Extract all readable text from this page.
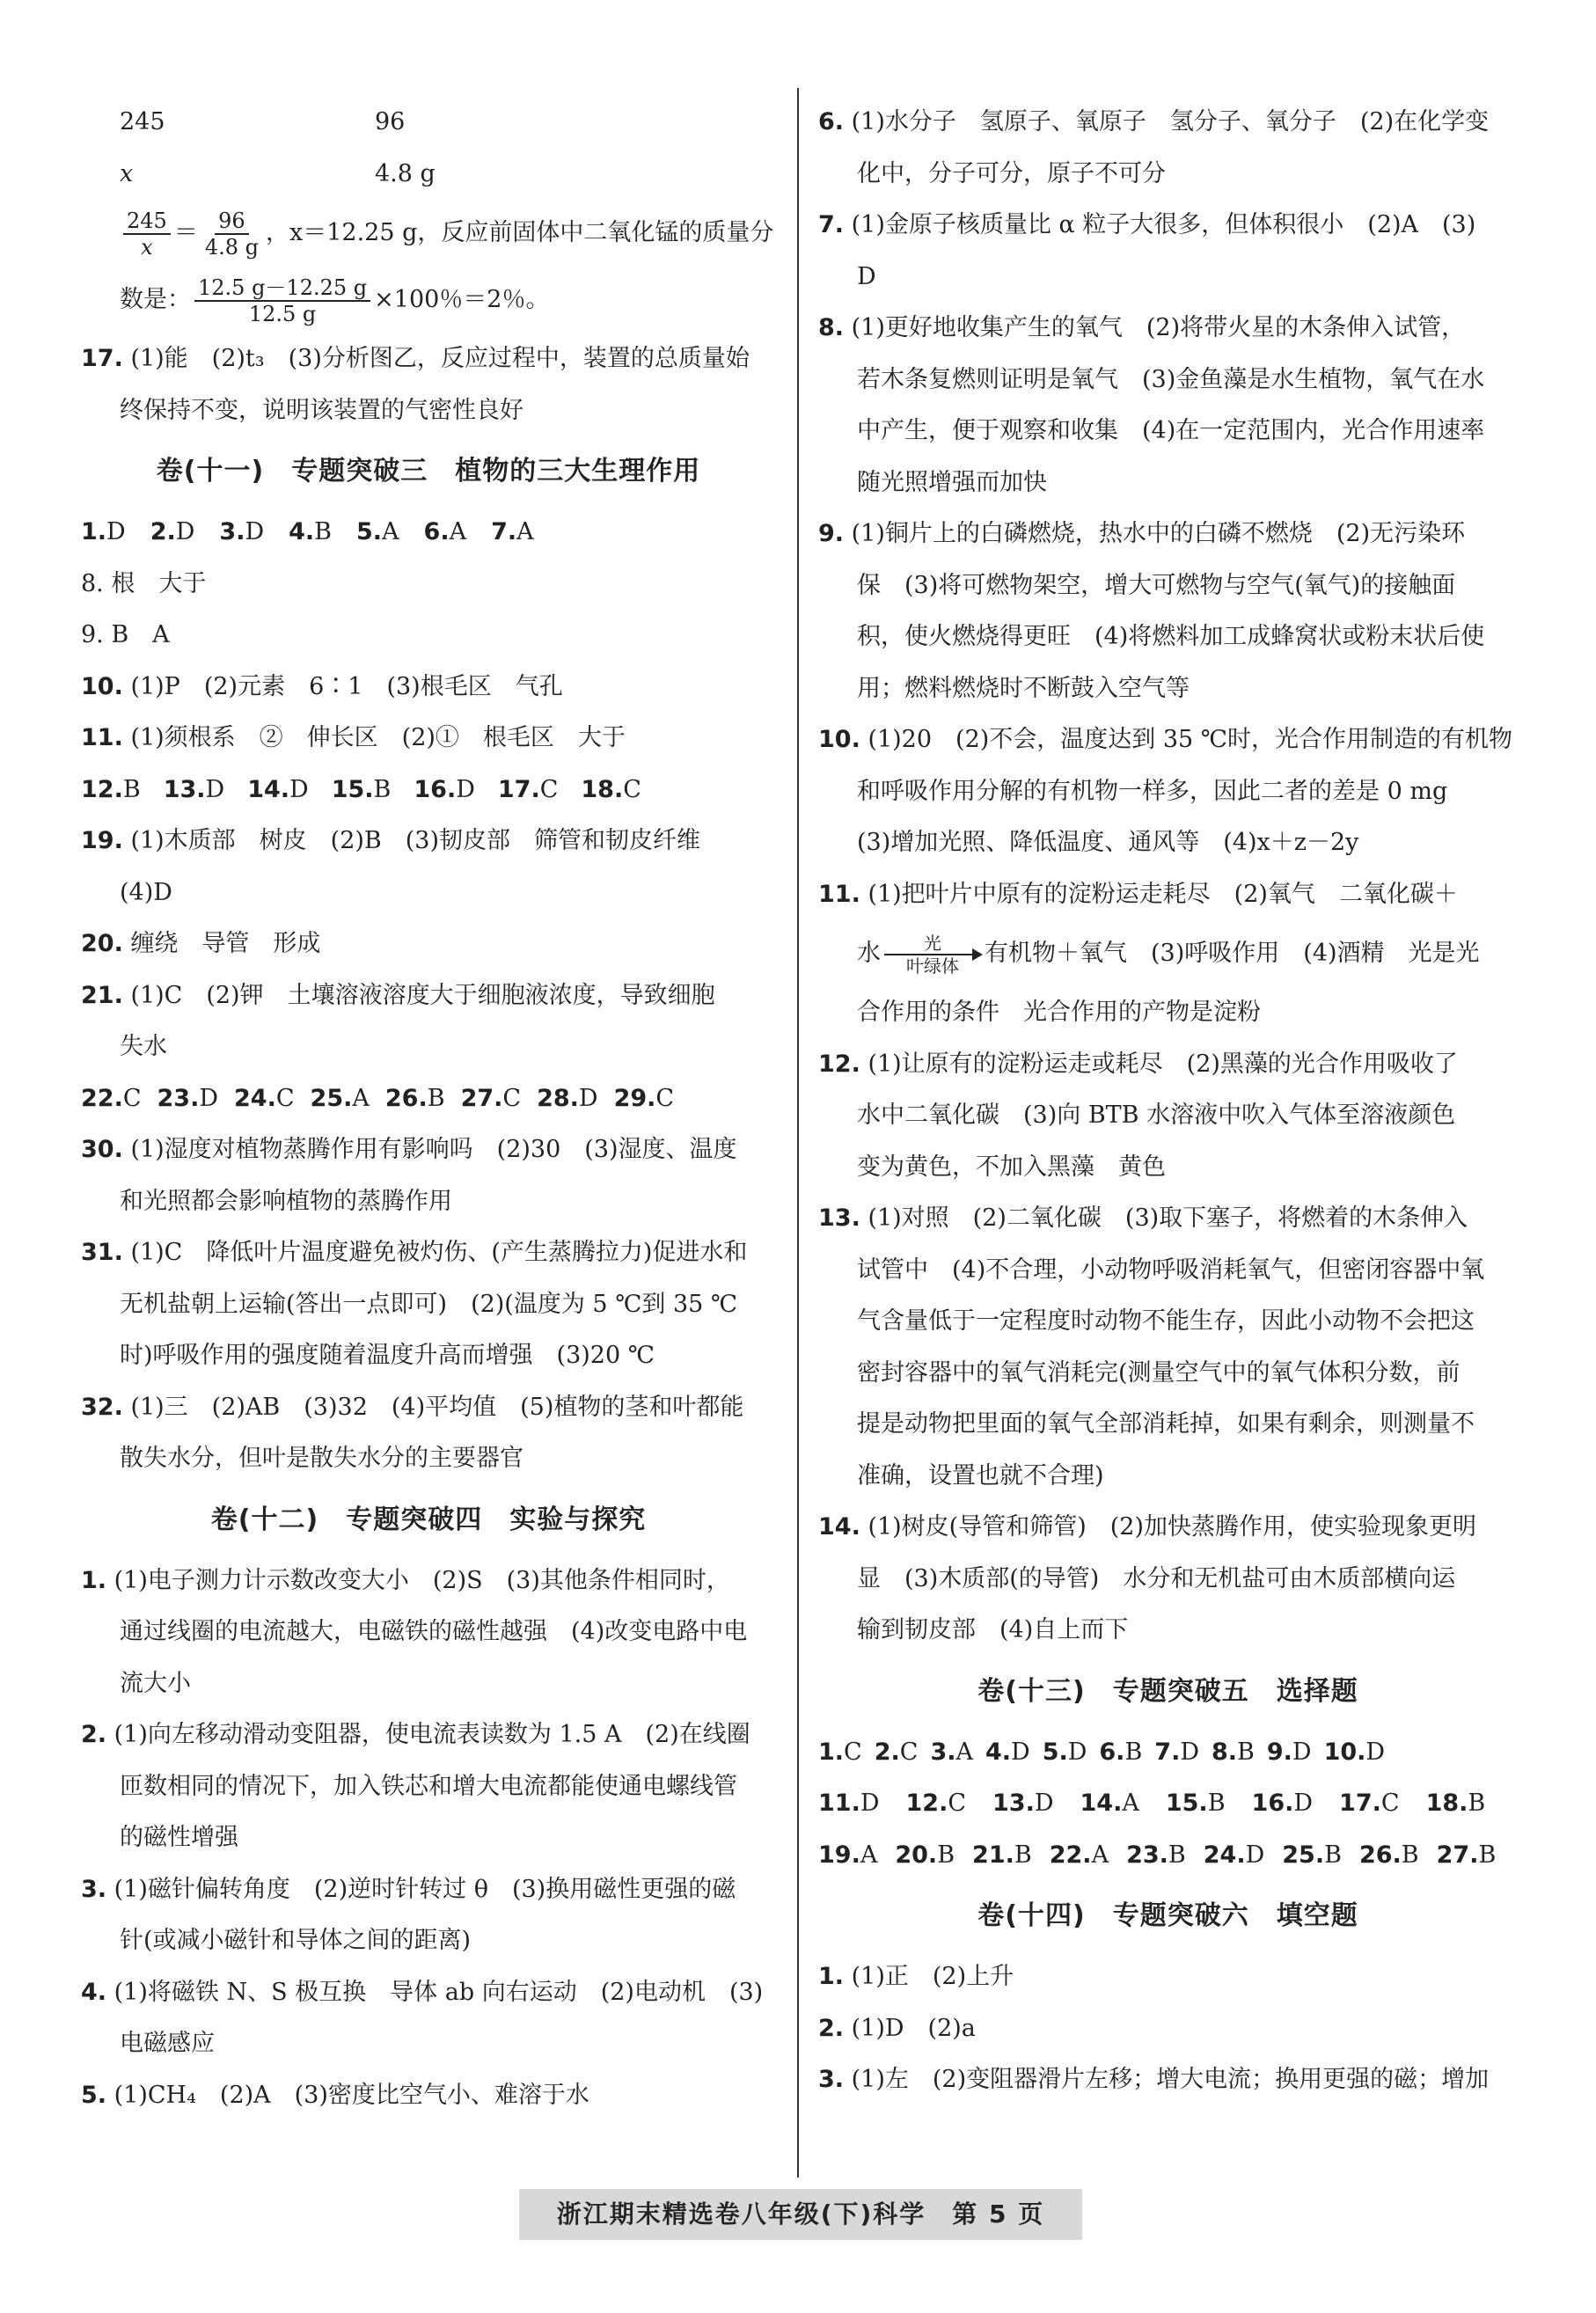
245	96
x	4.8 g
$\frac{245}{x} = \frac{96}{4.8 g}$ ，x＝12.25 g，反应前固体中二氧化锰的质量分
数是： $\frac{12.5 g-12.25 g}{12.5 g} \times 100$％＝2％。
17. (1)能　(2)t₃　(3)分析图乙，反应过程中，装置的总质量始
终保持不变，说明该装置的气密性良好
卷(十一)　专题突破三　植物的三大生理作用
1.D 2.D 3.D 4.B 5.A 6.A 7.A
8. 根　大于
9. B　A
10. (1)P　(2)元素　6∶1　(3)根毛区　气孔
11. (1)须根系　②　伸长区　(2)①　根毛区　大于
12.B 13.D 14.D 15.B 16.D 17.C 18.C
19. (1)木质部　树皮　(2)B　(3)韧皮部　筛管和韧皮纤维
(4)D
20. 缠绕　导管　形成
21. (1)C　(2)钾　土壤溶液溶度大于细胞液浓度，导致细胞
失水
22.C 23.D 24.C 25.A 26.B 27.C 28.D 29.C
30. (1)湿度对植物蒸腾作用有影响吗　(2)30　(3)湿度、温度
和光照都会影响植物的蒸腾作用
31. (1)C　降低叶片温度避免被灼伤、(产生蒸腾拉力)促进水和
无机盐朝上运输(答出一点即可)　(2)(温度为 5 ℃到 35 ℃
时)呼吸作用的强度随着温度升高而增强　(3)20 ℃
32. (1)三　(2)AB　(3)32　(4)平均值　(5)植物的茎和叶都能
散失水分，但叶是散失水分的主要器官
卷(十二)　专题突破四　实验与探究
1. (1)电子测力计示数改变大小　(2)S　(3)其他条件相同时，
通过线圈的电流越大，电磁铁的磁性越强　(4)改变电路中电
流大小
2. (1)向左移动滑动变阻器，使电流表读数为 1.5 A　(2)在线圈
匝数相同的情况下，加入铁芯和增大电流都能使通电螺线管
的磁性增强
3. (1)磁针偏转角度　(2)逆时针转过 θ　(3)换用磁性更强的磁
针(或减小磁针和导体之间的距离)
4. (1)将磁铁 N、S 极互换　导体 ab 向右运动　(2)电动机　(3)
电磁感应
5. (1)CH₄　(2)A　(3)密度比空气小、难溶于水
6. (1)水分子　氢原子、氧原子　氢分子、氧分子　(2)在化学变
化中，分子可分，原子不可分
7. (1)金原子核质量比 α 粒子大很多，但体积很小　(2)A　(3)
D
8. (1)更好地收集产生的氧气　(2)将带火星的木条伸入试管，
若木条复燃则证明是氧气　(3)金鱼藻是水生植物，氧气在水
中产生，便于观察和收集　(4)在一定范围内，光合作用速率
随光照增强而加快
9. (1)铜片上的白磷燃烧，热水中的白磷不燃烧　(2)无污染环
保　(3)将可燃物架空，增大可燃物与空气(氧气)的接触面
积，使火燃烧得更旺　(4)将燃料加工成蜂窝状或粉末状后使
用；燃料燃烧时不断鼓入空气等
10. (1)20　(2)不会，温度达到 35 ℃时，光合作用制造的有机物
和呼吸作用分解的有机物一样多，因此二者的差是 0 mg
(3)增加光照、降低温度、通风等　(4)x＋z－2y
11. (1)把叶片中原有的淀粉运走耗尽　(2)氧气　二氧化碳＋
水 光
叶绿体 有机物＋氧气　(3)呼吸作用　(4)酒精　光是光
合作用的条件　光合作用的产物是淀粉
12. (1)让原有的淀粉运走或耗尽　(2)黑藻的光合作用吸收了
水中二氧化碳　(3)向 BTB 水溶液中吹入气体至溶液颜色
变为黄色，不加入黑藻　黄色
13. (1)对照　(2)二氧化碳　(3)取下塞子，将燃着的木条伸入
试管中　(4)不合理，小动物呼吸消耗氧气，但密闭容器中氧
气含量低于一定程度时动物不能生存，因此小动物不会把这
密封容器中的氧气消耗完(测量空气中的氧气体积分数，前
提是动物把里面的氧气全部消耗掉，如果有剩余，则测量不
准确，设置也就不合理)
14. (1)树皮(导管和筛管)　(2)加快蒸腾作用，使实验现象更明
显　(3)木质部(的导管)　水分和无机盐可由木质部横向运
输到韧皮部　(4)自上而下
卷(十三)　专题突破五　选择题
1.C 2.C 3.A 4.D 5.D 6.B 7.D 8.B 9.D 10.D
11.D 12.C 13.D 14.A 15.B 16.D 17.C 18.B
19.A 20.B 21.B 22.A 23.B 24.D 25.B 26.B 27.B
卷(十四)　专题突破六　填空题
1. (1)正　(2)上升
2. (1)D　(2)a
3. (1)左　(2)变阻器滑片左移；增大电流；换用更强的磁；增加
浙江期末精选卷八年级(下)科学　第 5 页
